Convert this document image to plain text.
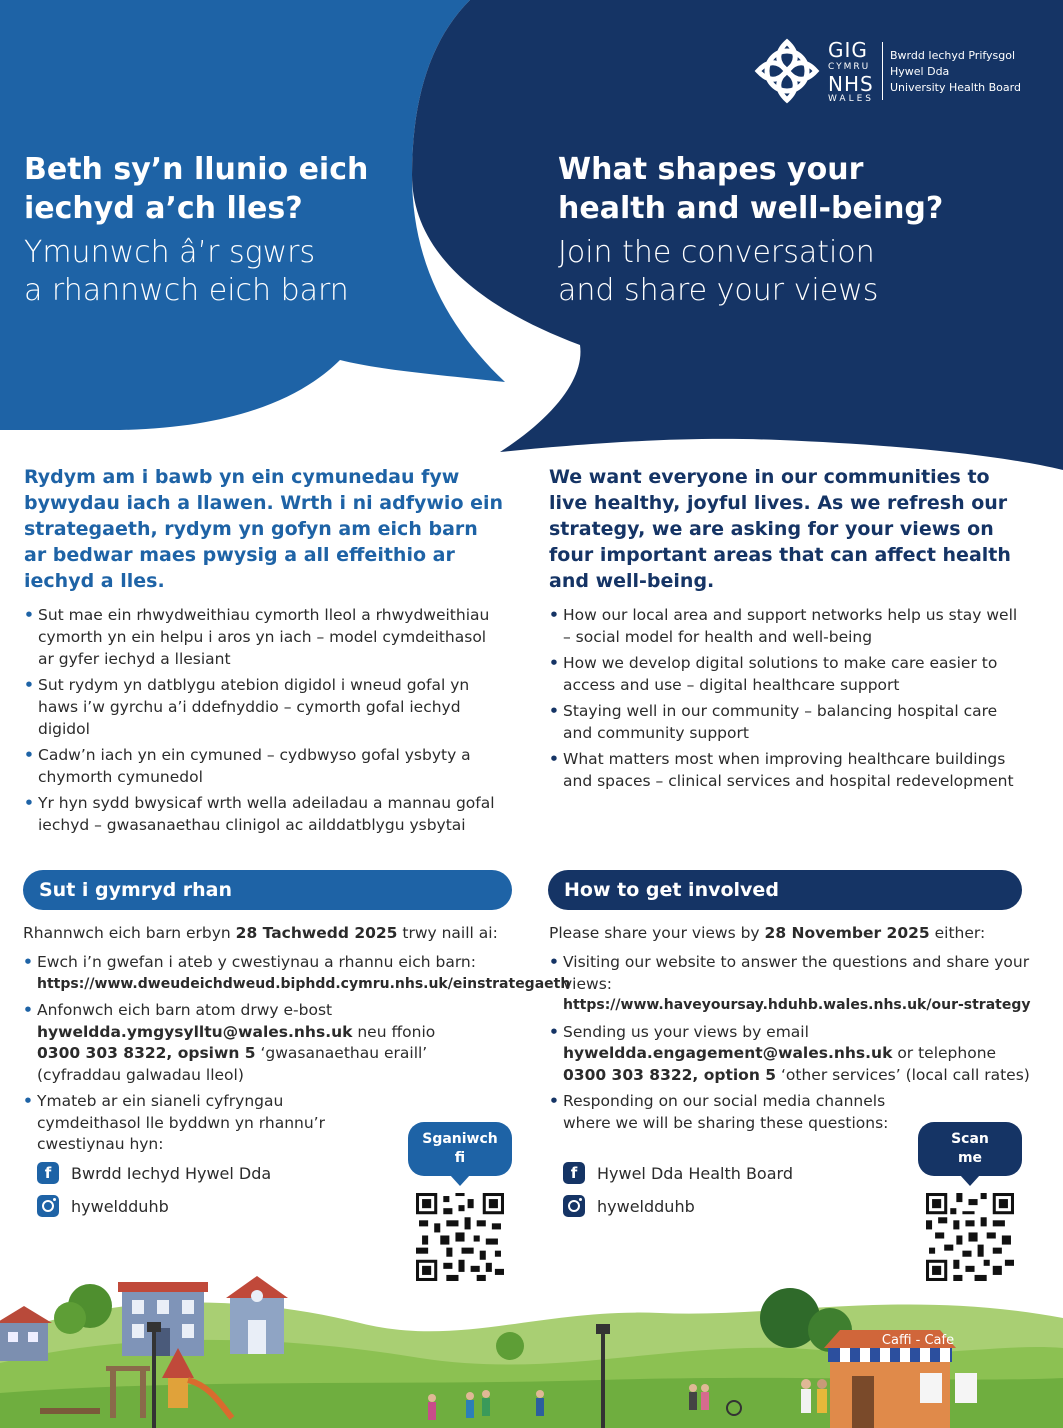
GIG
CYMRU
NHS
WALES
Bwrdd Iechyd Prifysgol
Hywel Dda
University Health Board
Beth sy’n llunio eich
iechyd a’ch lles?
Ymunwch â’r sgwrs
a rhannwch eich barn
What shapes your
health and well-being?
Join the conversation
and share your views

Rydym am i bawb yn ein cymunedau fyw bywydau iach a llawen. Wrth i ni adfywio ein strategaeth, rydym yn gofyn am eich barn ar bedwar maes pwysig a all effeithio ar iechyd a lles.

• Sut mae ein rhwydweithiau cymorth lleol a rhwydweithiau cymorth yn ein helpu i aros yn iach – model cymdeithasol ar gyfer iechyd a llesiant
• Sut rydym yn datblygu atebion digidol i wneud gofal yn haws i’w gyrchu a’i ddefnyddio – cymorth gofal iechyd digidol
• Cadw’n iach yn ein cymuned – cydbwyso gofal ysbyty a chymorth cymunedol
• Yr hyn sydd bwysicaf wrth wella adeiladau a mannau gofal iechyd – gwasanaethau clinigol ac ailddatblygu ysbytai

We want everyone in our communities to live healthy, joyful lives. As we refresh our strategy, we are asking for your views on four important areas that can affect health and well-being.

• How our local area and support networks help us stay well – social model for health and well-being
• How we develop digital solutions to make care easier to access and use – digital healthcare support
• Staying well in our community – balancing hospital care and community support
• What matters most when improving healthcare buildings and spaces – clinical services and hospital redevelopment
Sut i gymryd rhan	How to get involved
Rhannwch eich barn erbyn 28 Tachwedd 2025 trwy naill ai:	Please share your views by 28 November 2025 either:
• Ewch i’n gwefan i ateb y cwestiynau a rhannu eich barn:
https://www.dweudeichdweud.biphdd.cymru.nhs.uk/einstrategaeth
• Anfonwch eich barn atom drwy e-bost
hyweldda.ymgysylltu@wales.nhs.uk neu ffonio
0300 303 8322, opsiwn 5 ‘gwasanaethau eraill’
(cyfraddau galwadau lleol)
• Ymateb ar ein sianeli cyfryngau cymdeithasol lle byddwn yn rhannu’r cwestiynau hyn:
f	Bwrdd Iechyd Hywel Dda
hyweldduhb
• Visiting our website to answer the questions and share your views:
https://www.haveyoursay.hduhb.wales.nhs.uk/our-strategy
• Sending us your views by email
hyweldda.engagement@wales.nhs.uk or telephone
0300 303 8322, option 5 ‘other services’ (local call rates)
• Responding on our social media channels where we will be sharing these questions:
f	Hywel Dda Health Board
hyweldduhb
Sganiwch
fi
Scan
me
Caffi - Cafe
